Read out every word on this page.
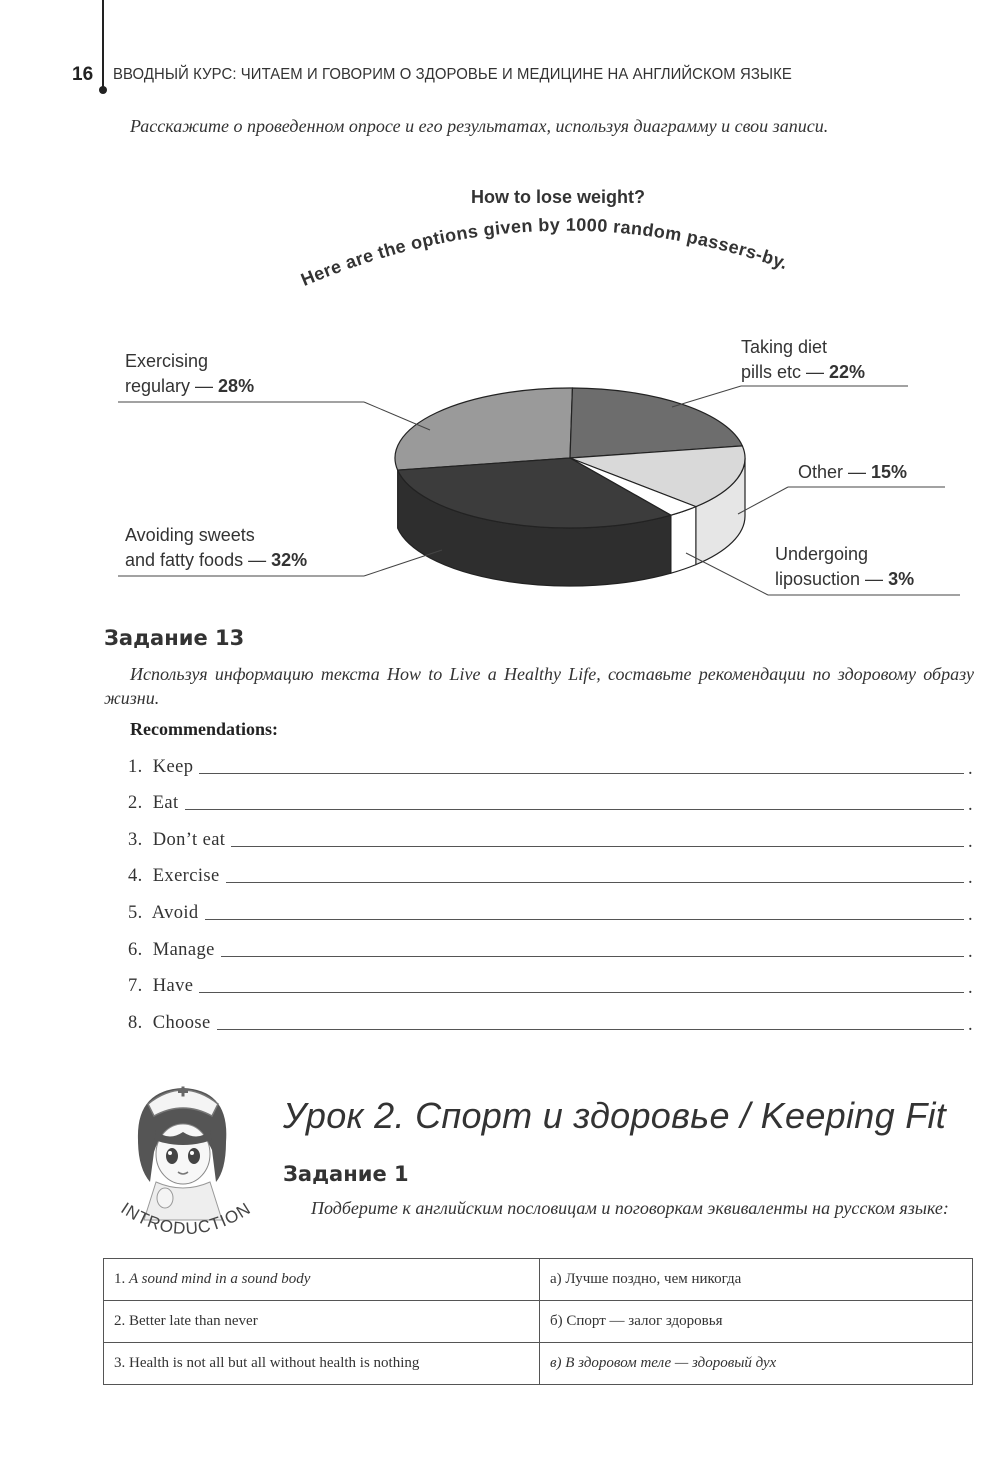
16 ВВОДНЫЙ КУРС: ЧИТАЕМ И ГОВОРИМ О ЗДОРОВЬЕ И МЕДИЦИНЕ НА АНГЛИЙСКОМ ЯЗЫКЕ
Расскажите о проведенном опросе и его результатах, используя диаграмму и свои записи.
How to lose weight?
Here are the options given by 1000 random passers-by.
Exercising
regulary — 28%
Taking diet
pills etc — 22%
Other — 15%
Undergoing
liposuction — 3%
Avoiding sweets
and fatty foods — 32%
Задание 13
Используя информацию текста How to Live a Healthy Life, составьте рекомендации по здоровому образу жизни.
Recommendations:
1.  Keep	.
2.  Eat	.
3.  Don’t eat	.
4.  Exercise	.
5.  Avoid	.
6.  Manage	.
7.  Have	.
8.  Choose	.
INTRODUCTION
Урок 2. Спорт и здоровье / Keeping Fit
Задание 1
Подберите к английским пословицам и поговоркам эквиваленты на русском языке:
1. A sound mind in a sound body	а) Лучше поздно, чем никогда
2. Better late than never	б) Спорт — залог здоровья
3. Health is not all but all without health is nothing	в) В здоровом теле — здоровый дух
